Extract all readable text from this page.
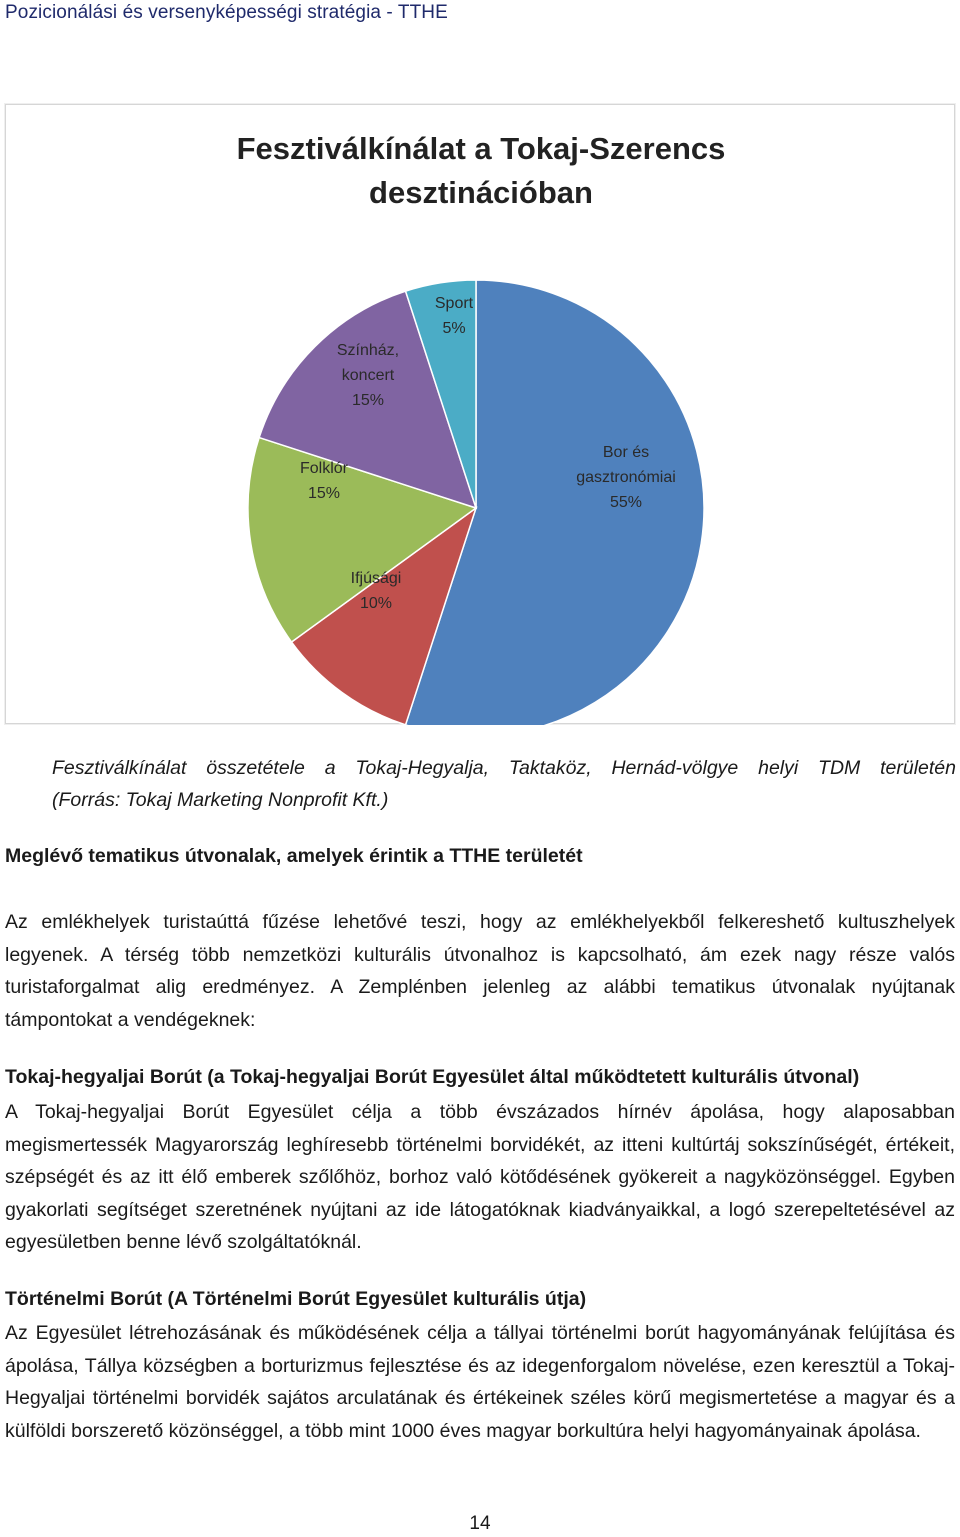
Pozicionálási és versenyképességi stratégia - TTHE
Fesztiválkínálat a Tokaj-Szerencs
desztinációban
Bor és gasztronómiai 55%
Ifjúsági 10%
Folklór 15%
Színház, koncert 15%
Sport 5%
Fesztiválkínálat összetétele a Tokaj-Hegyalja, Taktaköz, Hernád-völgye helyi TDM területén
(Forrás: Tokaj Marketing Nonprofit Kft.)
Meglévő tematikus útvonalak, amelyek érintik a TTHE területét
Az emlékhelyek turistaúttá fűzése lehetővé teszi, hogy az emlékhelyekből felkereshető kultuszhelyek legyenek. A térség több nemzetközi kulturális útvonalhoz is kapcsolható, ám ezek nagy része valós turistaforgalmat alig eredményez. A Zemplénben jelenleg az alábbi tematikus útvonalak nyújtanak támpontokat a vendégeknek:
Tokaj-hegyaljai Borút (a Tokaj-hegyaljai Borút Egyesület által működtetett kulturális útvonal)
A Tokaj-hegyaljai Borút Egyesület célja a több évszázados hírnév ápolása, hogy alaposabban megismertessék Magyarország leghíresebb történelmi borvidékét, az itteni kultúrtáj sokszínűségét, értékeit, szépségét és az itt élő emberek szőlőhöz, borhoz való kötődésének gyökereit a nagyközönséggel. Egyben gyakorlati segítséget szeretnének nyújtani az ide látogatóknak kiadványaikkal, a logó szerepeltetésével az egyesületben benne lévő szolgáltatóknál.
Történelmi Borút (A Történelmi Borút Egyesület kulturális útja)
Az Egyesület létrehozásának és működésének célja a tállyai történelmi borút hagyományának felújítása és ápolása, Tállya községben a borturizmus fejlesztése és az idegenforgalom növelése, ezen keresztül a Tokaj-Hegyaljai történelmi borvidék sajátos arculatának és értékeinek széles körű megismertetése a magyar és a külföldi borszerető közönséggel, a több mint 1000 éves magyar borkultúra helyi hagyományainak ápolása.
14
